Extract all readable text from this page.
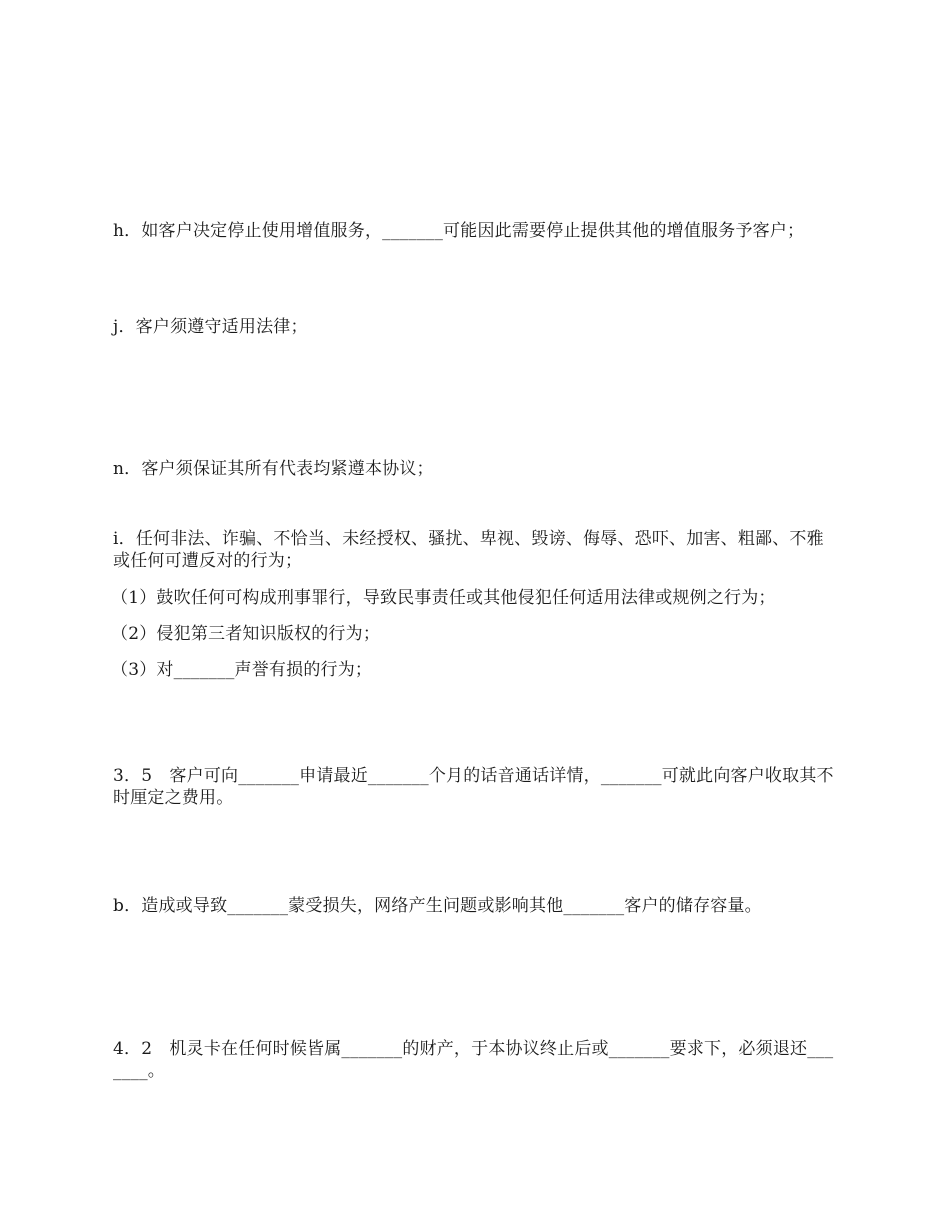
h．如客户决定停止使用增值服务，_______可能因此需要停止提供其他的增值服务予客户；

j．客户须遵守适用法律；

n．客户须保证其所有代表均紧遵本协议；

i．任何非法、诈骗、不恰当、未经授权、骚扰、卑视、毁谤、侮辱、恐吓、加害、粗鄙、不雅或任何可遭反对的行为；

（1）鼓吹任何可构成刑事罪行，导致民事责任或其他侵犯任何适用法律或规例之行为；

（2）侵犯第三者知识版权的行为；

（3）对_______声誉有损的行为；

3．5　客户可向_______申请最近_______个月的话音通话详情，_______可就此向客户收取其不时厘定之费用。

b．造成或导致_______蒙受损失，网络产生问题或影响其他_______客户的储存容量。

4．2　机灵卡在任何时候皆属_______的财产，于本协议终止后或_______要求下，必须退还_______。
